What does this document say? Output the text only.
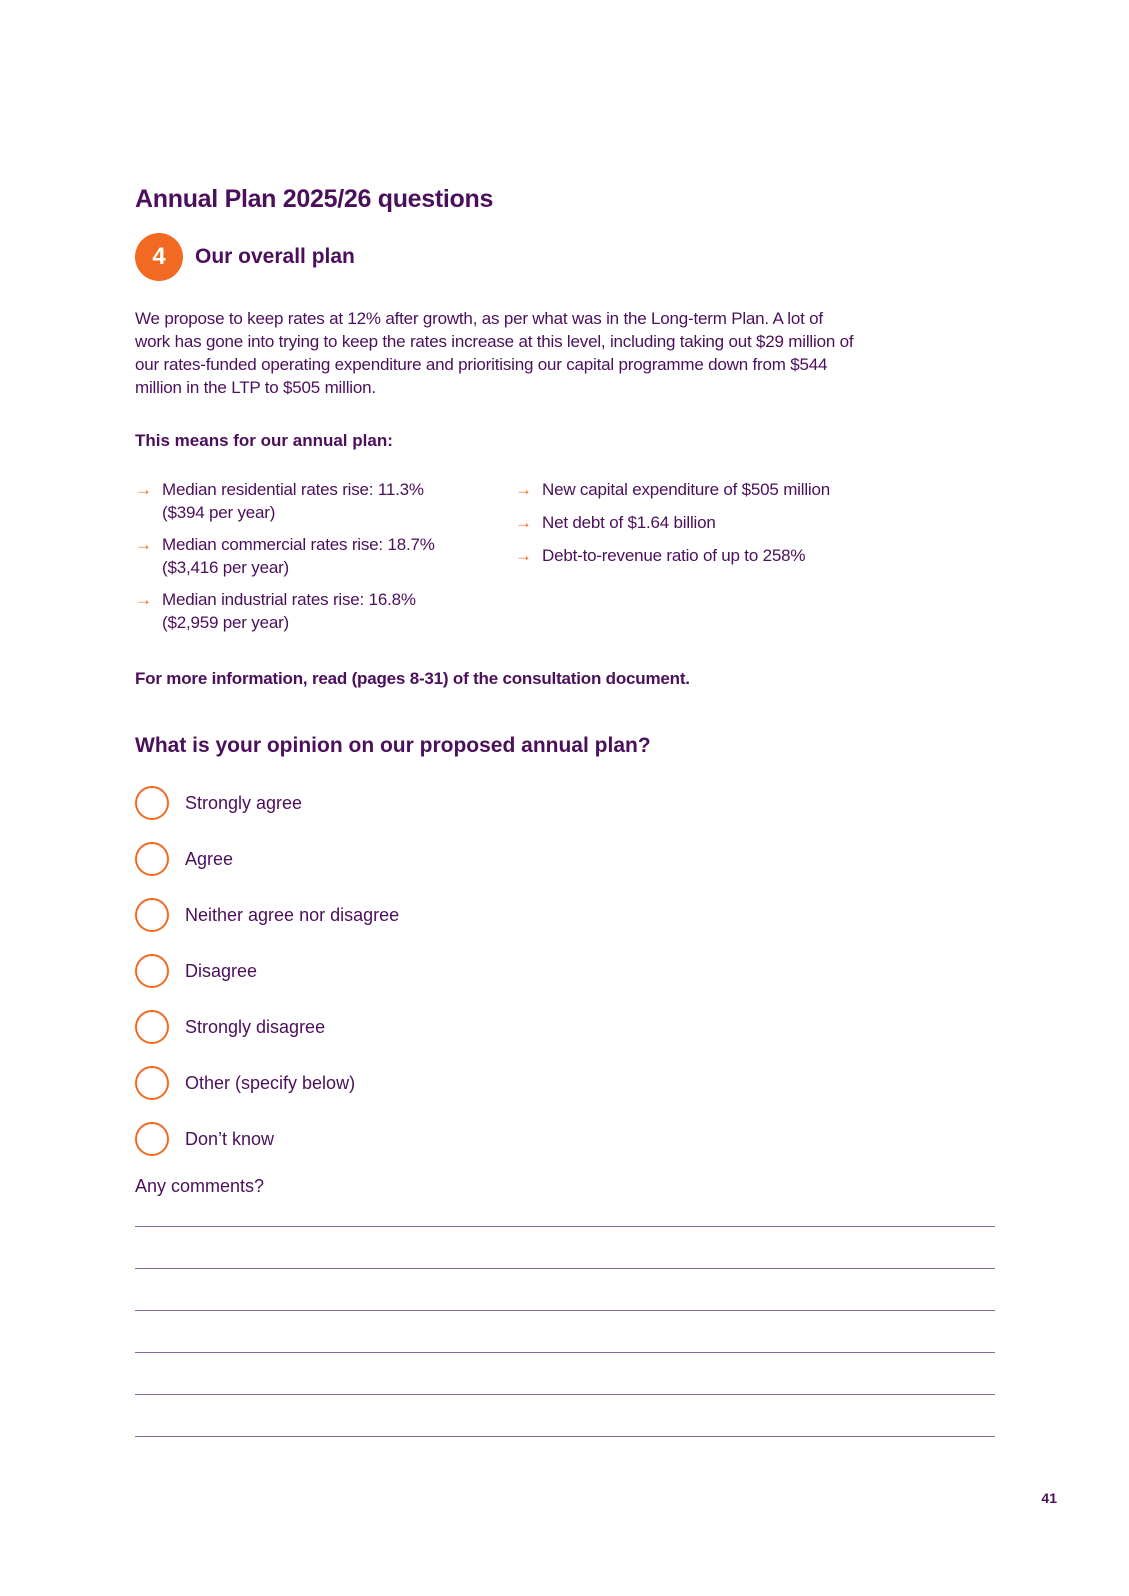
Annual Plan 2025/26 questions
4	Our overall plan

We propose to keep rates at 12% after growth, as per what was in the Long-term Plan. A lot of work has gone into trying to keep the rates increase at this level, including taking out $29 million of our rates-funded operating expenditure and prioritising our capital programme down from $544 million in the LTP to $505 million.

This means for our annual plan:

→ Median residential rates rise: 11.3%
($394 per year)
→ Median commercial rates rise: 18.7%
($3,416 per year)
→ Median industrial rates rise: 16.8%
($2,959 per year)
→ New capital expenditure of $505 million
→ Net debt of $1.64 billion
→ Debt-to-revenue ratio of up to 258%

For more information, read (pages 8-31) of the consultation document.

What is your opinion on our proposed annual plan?
Strongly agree
Agree
Neither agree nor disagree
Disagree
Strongly disagree
Other (specify below)
Don’t know

Any comments?

41
